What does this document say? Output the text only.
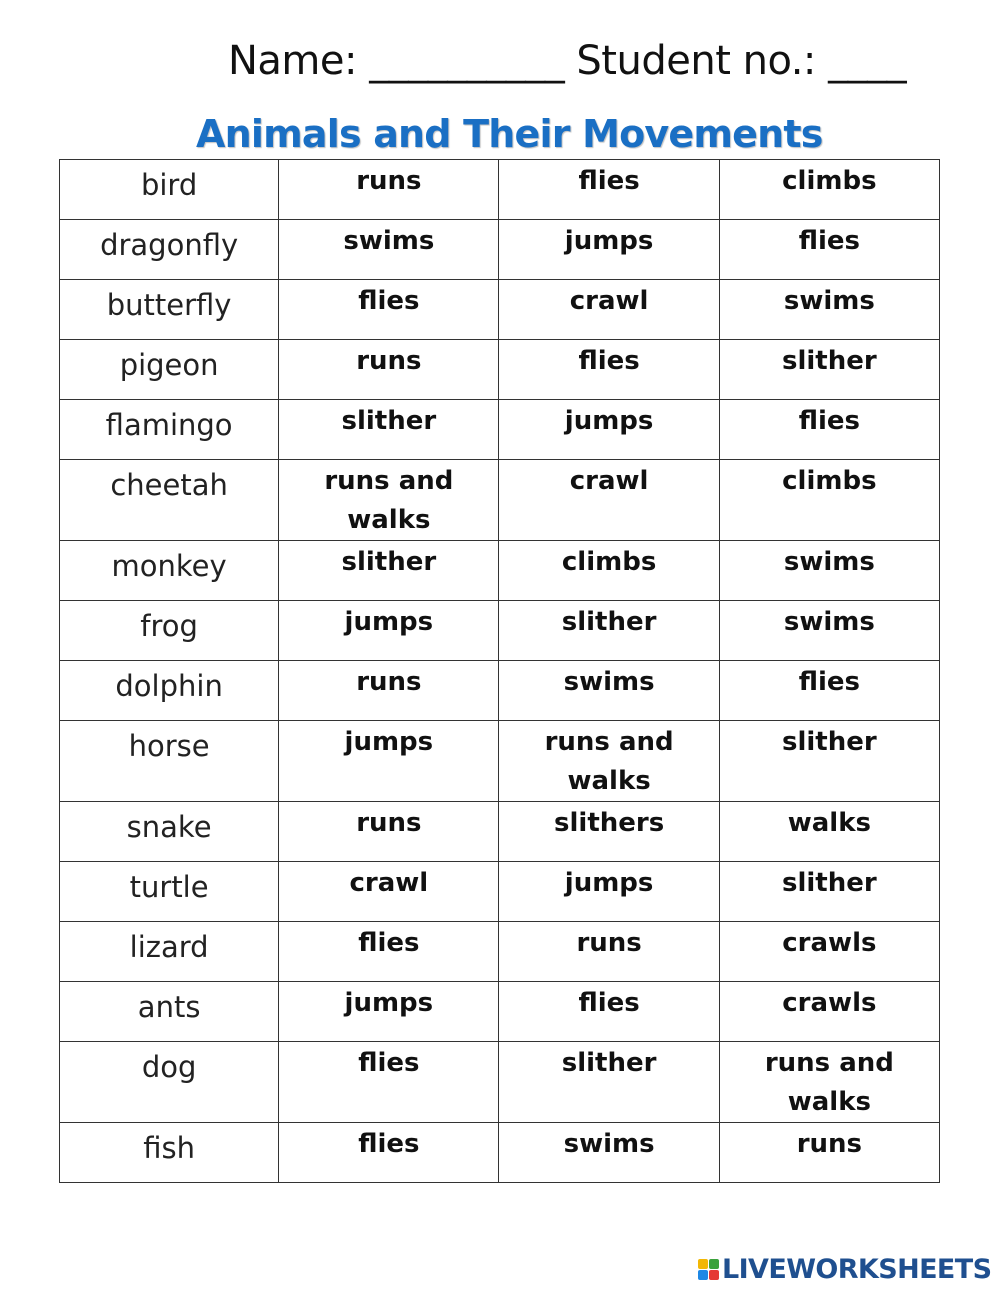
Name: __________ Student no.: ____
Animals and Their Movements
bird	runs	flies	climbs
dragonfly	swims	jumps	flies
butterfly	flies	crawl	swims
pigeon	runs	flies	slither
flamingo	slither	jumps	flies
cheetah	runs and walks	crawl	climbs
monkey	slither	climbs	swims
frog	jumps	slither	swims
dolphin	runs	swims	flies
horse	jumps	runs and walks	slither
snake	runs	slithers	walks
turtle	crawl	jumps	slither
lizard	flies	runs	crawls
ants	jumps	flies	crawls
dog	flies	slither	runs and walks
fish	flies	swims	runs
LIVEWORKSHEETS
